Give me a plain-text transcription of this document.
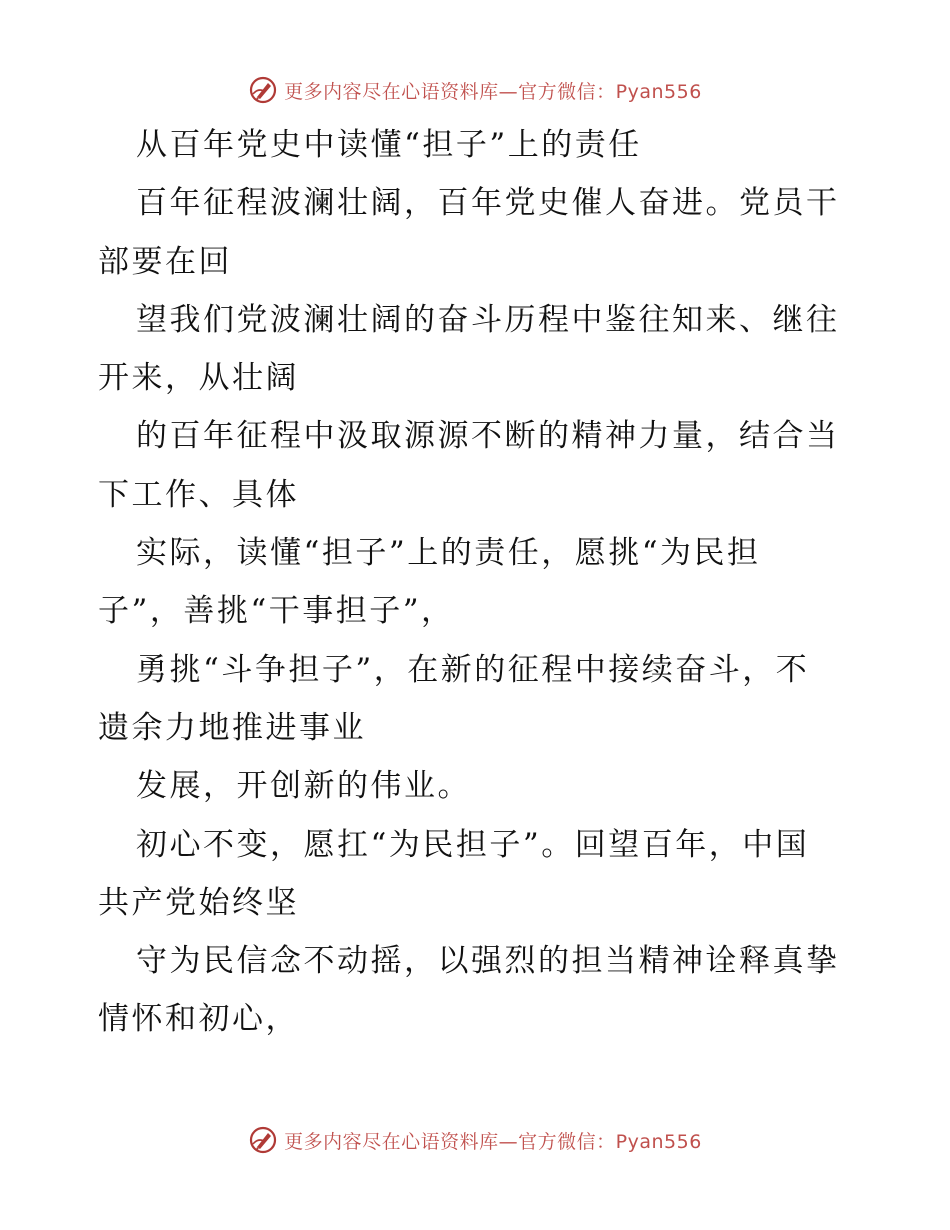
更多内容尽在心语资料库—官方微信：Pyan556
从百年党史中读懂“担子”上的责任
百年征程波澜壮阔，百年党史催人奋进。党员干
部要在回
望我们党波澜壮阔的奋斗历程中鉴往知来、继往
开来，从壮阔
的百年征程中汲取源源不断的精神力量，结合当
下工作、具体
实际，读懂“担子”上的责任，愿挑“为民担
子”，善挑“干事担子”，
勇挑“斗争担子”，在新的征程中接续奋斗，不
遗余力地推进事业
发展，开创新的伟业。
初心不变，愿扛“为民担子”。回望百年，中国
共产党始终坚
守为民信念不动摇，以强烈的担当精神诠释真挚
情怀和初心，
更多内容尽在心语资料库—官方微信：Pyan556
